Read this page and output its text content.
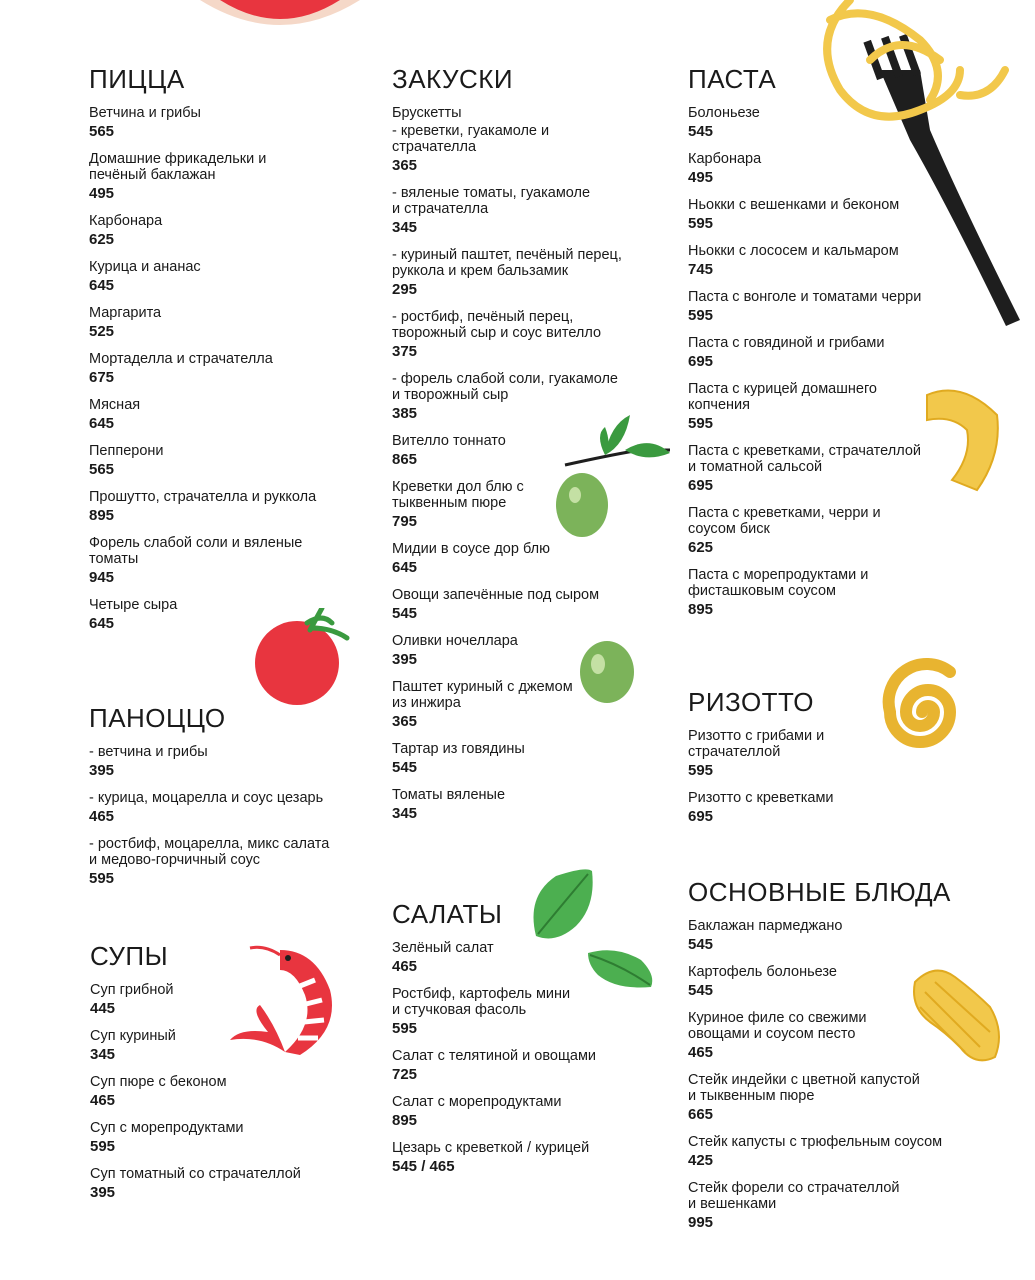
ПИЦЦА
Ветчина и грибы
565
Домашние фрикадельки и
печёный баклажан
495
Карбонара
625
Курица и ананас
645
Маргарита
525
Мортаделла и страчателла
675
Мясная
645
Пепперони
565
Прошутто, страчателла и руккола
895
Форель слабой соли и вяленые
томаты
945
Четыре сыра
645
ПАНОЦЦО
- ветчина и грибы
395
- курица, моцарелла и соус цезарь
465
- ростбиф, моцарелла, микс салата
и медово-горчичный соус
595
СУПЫ
Суп грибной
445
Суп куриный
345
Суп пюре с беконом
465
Суп с морепродуктами
595
Суп томатный со страчателлой
395
ЗАКУСКИ
Брускетты
- креветки, гуакамоле и
страчателла
365
- вяленые томаты, гуакамоле
и страчателла
345
- куриный паштет, печёный перец,
руккола и крем бальзамик
295
- ростбиф, печёный перец,
творожный сыр и соус вителло
375
- форель слабой соли, гуакамоле
и творожный сыр
385
Вителло тоннато
865
Креветки дол блю с
тыквенным пюре
795
Мидии в соусе дор блю
645
Овощи запечённые под сыром
545
Оливки ночеллара
395
Паштет куриный с джемом
из инжира
365
Тартар из говядины
545
Томаты вяленые
345
САЛАТЫ
Зелёный салат
465
Ростбиф, картофель мини
и стучковая фасоль
595
Салат с телятиной и овощами
725
Салат с морепродуктами
895
Цезарь с креветкой / курицей
545 / 465
ПАСТА
Болоньезе
545
Карбонара
495
Ньокки с вешенками и беконом
595
Ньокки с лососем и кальмаром
745
Паста с вонголе и томатами черри
595
Паста с говядиной и грибами
695
Паста с курицей домашнего
копчения
595
Паста с креветками, страчателлой
и томатной сальсой
695
Паста с креветками, черри и
соусом биск
625
Паста с морепродуктами и
фисташковым соусом
895
РИЗОТТО
Ризотто с грибами и
страчателлой
595
Ризотто с креветками
695
ОСНОВНЫЕ БЛЮДА
Баклажан пармеджано
545
Картофель болоньезе
545
Куриное филе со свежими
овощами и соусом песто
465
Стейк индейки с цветной капустой
и тыквенным пюре
665
Стейк капусты с трюфельным соусом
425
Стейк форели со страчателлой
и вешенками
995
